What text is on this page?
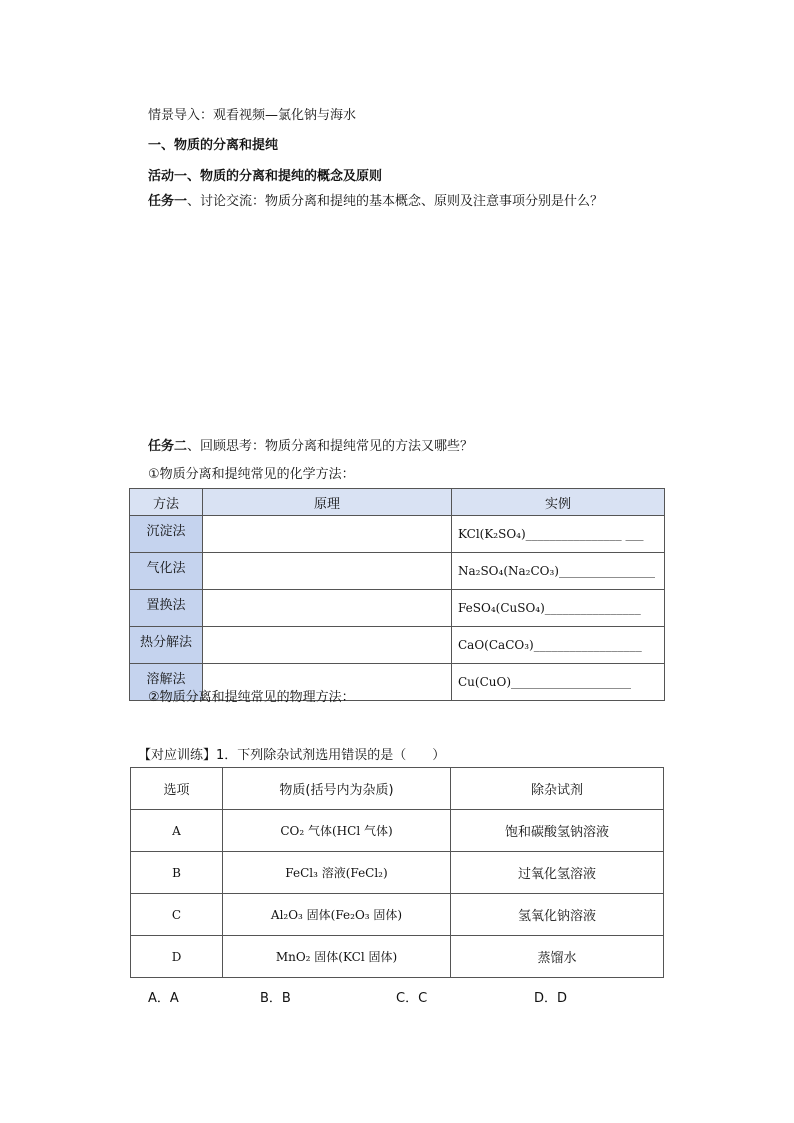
情景导入：观看视频—氯化钠与海水
一、物质的分离和提纯
活动一、物质的分离和提纯的概念及原则
任务一、讨论交流：物质分离和提纯的基本概念、原则及注意事项分别是什么？
任务二、回顾思考：物质分离和提纯常见的方法又哪些？
①物质分离和提纯常见的化学方法：
方法	原理	实例
沉淀法		KCl(K₂SO₄)________________ ___
气化法		Na₂SO₄(Na₂CO₃)________________
置换法		FeSO₄(CuSO₄)________________
热分解法		CaO(CaCO₃)__________________
溶解法		Cu(CuO)____________________
②物质分离和提纯常见的物理方法：
【对应训练】1．下列除杂试剂选用错误的是（　　）
选项	物质(括号内为杂质)	除杂试剂
A	CO₂ 气体(HCl 气体)	饱和碳酸氢钠溶液
B	FeCl₃ 溶液(FeCl₂)	过氧化氢溶液
C	Al₂O₃ 固体(Fe₂O₃ 固体)	氢氧化钠溶液
D	MnO₂ 固体(KCl 固体)	蒸馏水
A．A	B．B	C．C	D．D
